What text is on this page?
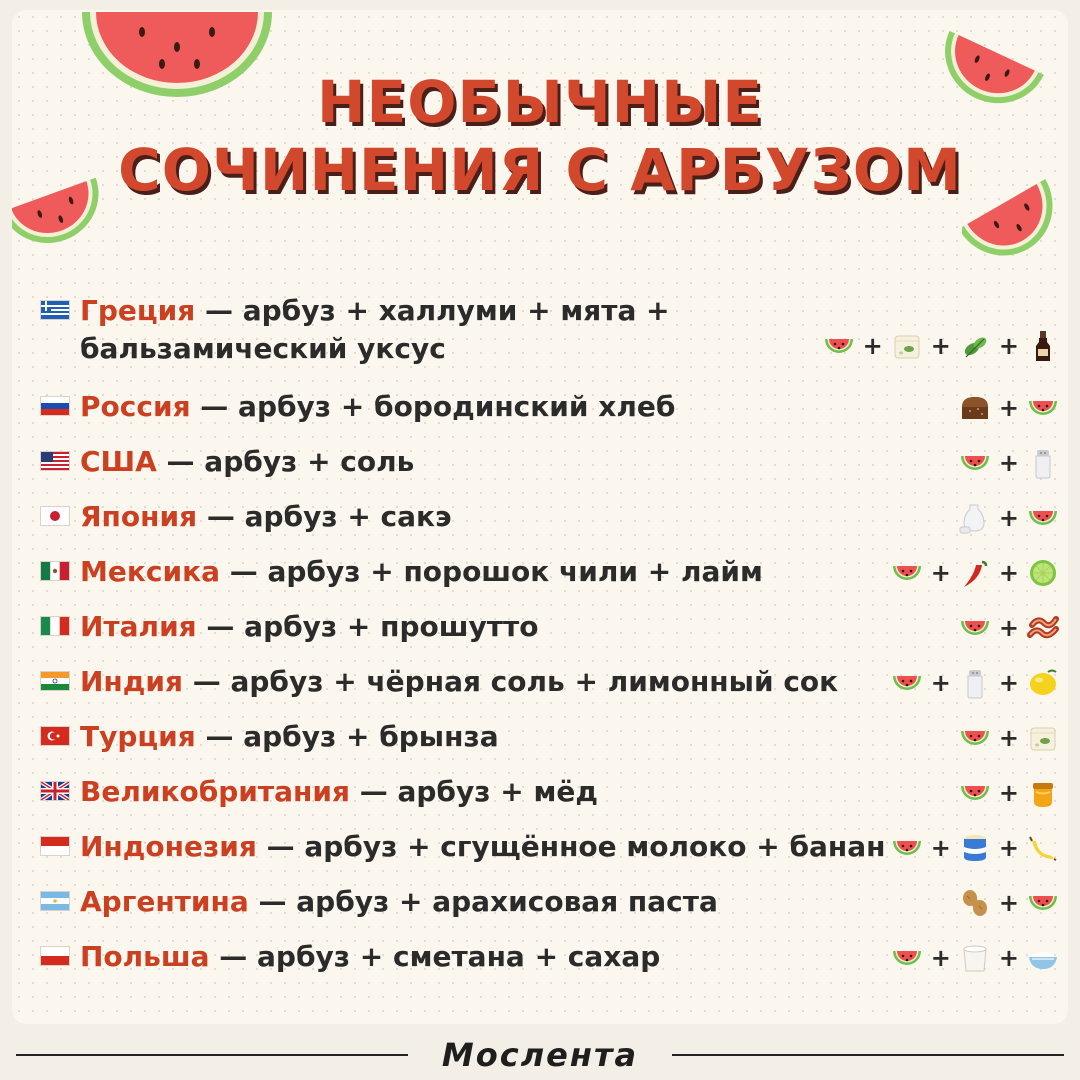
НЕОБЫЧНЫЕ
СОЧИНЕНИЯ С АРБУЗОМ
Греция — арбуз + халлуми + мята +
бальзамический уксус	+ + +
Россия — арбуз + бородинский хлеб	+
США — арбуз + соль	+
Япония — арбуз + сакэ	+
Мексика — арбуз + порошок чили + лайм	+ +
Италия — арбуз + прошутто	+
Индия — арбуз + чёрная соль + лимонный сок	+ +
Турция — арбуз + брынза	+
Великобритания — арбуз + мёд	+
Индонезия — арбуз + сгущённое молоко + банан + +
Аргентина — арбуз + арахисовая паста	+
Польша — арбуз + сметана + сахар	+ +
Мослента
